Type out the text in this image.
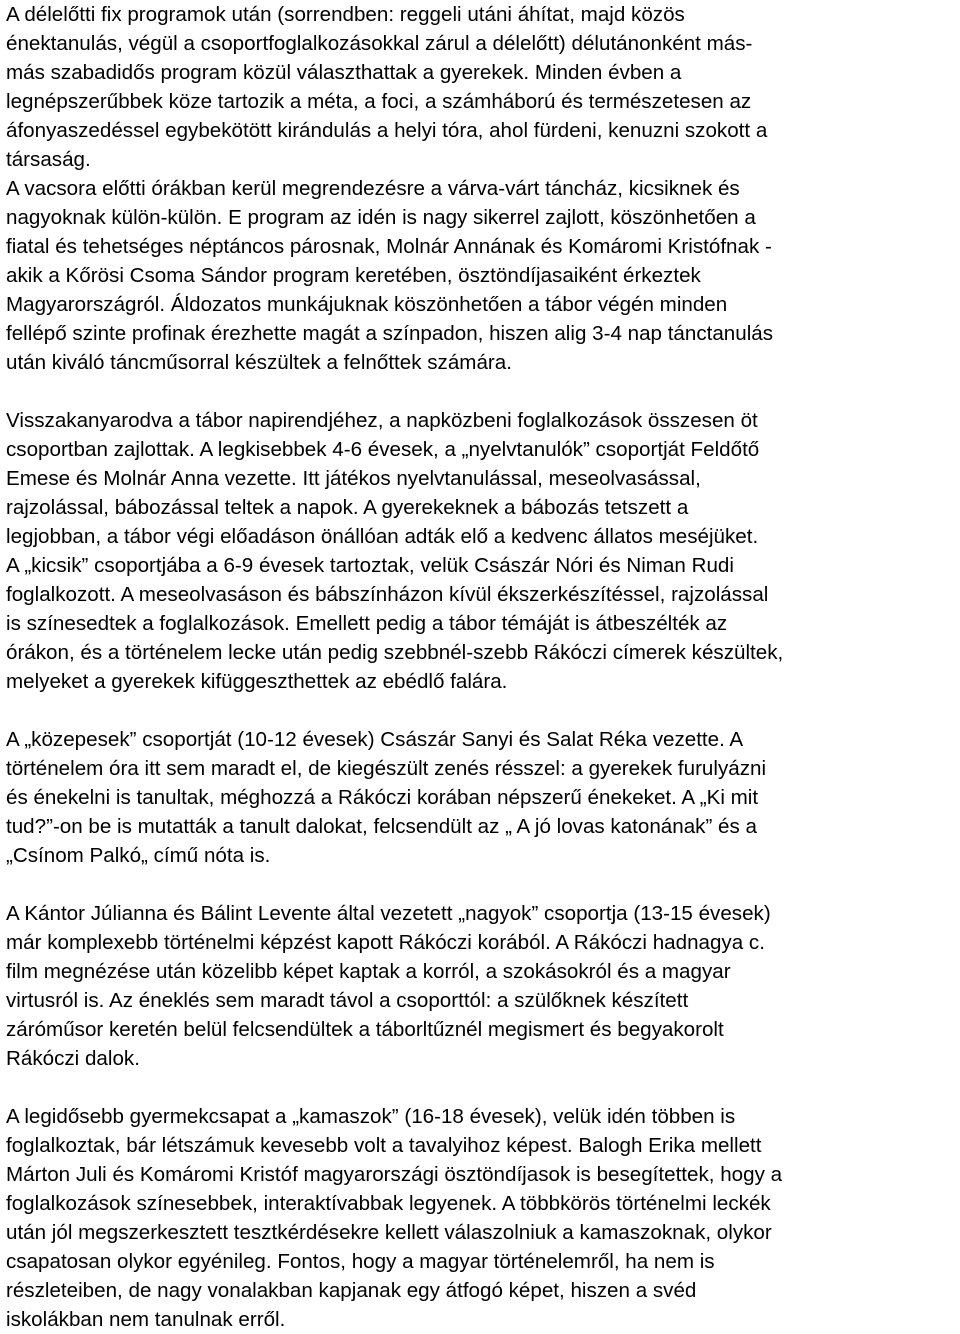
A délelőtti fix programok után (sorrendben: reggeli utáni áhítat, majd közös
énektanulás, végül a csoportfoglalkozásokkal zárul a délelőtt) délutánonként más-
más szabadidős program közül választhattak a gyerekek. Minden évben a
legnépszerűbbek köze tartozik a méta, a foci, a számháború és természetesen az
áfonyaszedéssel egybekötött kirándulás a helyi tóra, ahol fürdeni, kenuzni szokott a
társaság.
A vacsora előtti órákban kerül megrendezésre a várva-várt táncház, kicsiknek és
nagyoknak külön-külön. E program az idén is nagy sikerrel zajlott, köszönhetően a
fiatal és tehetséges néptáncos párosnak, Molnár Annának és Komáromi Kristófnak -
akik a Kőrösi Csoma Sándor program keretében, ösztöndíjasaiként érkeztek
Magyarországról. Áldozatos munkájuknak köszönhetően a tábor végén minden
fellépő szinte profinak érezhette magát a színpadon, hiszen alig 3-4 nap tánctanulás
után kiváló táncműsorral készültek a felnőttek számára.

Visszakanyarodva a tábor napirendjéhez, a napközbeni foglalkozások összesen öt
csoportban zajlottak. A legkisebbek 4-6 évesek, a „nyelvtanulók” csoportját Feldőtő
Emese és Molnár Anna vezette. Itt játékos nyelvtanulással, meseolvasással,
rajzolással, bábozással teltek a napok. A gyerekeknek a bábozás tetszett a
legjobban, a tábor végi előadáson önállóan adták elő a kedvenc állatos meséjüket.
A „kicsik” csoportjába a 6-9 évesek tartoztak, velük Császár Nóri és Niman Rudi
foglalkozott. A meseolvasáson és bábszínházon kívül ékszerkészítéssel, rajzolással
is színesedtek a foglalkozások. Emellett pedig a tábor témáját is átbeszélték az
órákon, és a történelem lecke után pedig szebbnél-szebb Rákóczi címerek készültek,
melyeket a gyerekek kifüggeszthettek az ebédlő falára.

A „közepesek” csoportját (10-12 évesek) Császár Sanyi és Salat Réka vezette. A
történelem óra itt sem maradt el, de kiegészült zenés résszel: a gyerekek furulyázni
és énekelni is tanultak, méghozzá a Rákóczi korában népszerű énekeket. A „Ki mit
tud?”-on be is mutatták a tanult dalokat, felcsendült az „ A jó lovas katonának” és a
„Csínom Palkó„ című nóta is.

A Kántor Júlianna és Bálint Levente által vezetett „nagyok” csoportja (13-15 évesek)
már komplexebb történelmi képzést kapott Rákóczi korából. A Rákóczi hadnagya c.
film megnézése után közelibb képet kaptak a korról, a szokásokról és a magyar
virtusról is. Az éneklés sem maradt távol a csoporttól: a szülőknek készített
záróműsor keretén belül felcsendültek a táborltűznél megismert és begyakorolt
Rákóczi dalok.

A legidősebb gyermekcsapat a „kamaszok” (16-18 évesek), velük idén többen is
foglalkoztak, bár létszámuk kevesebb volt a tavalyihoz képest. Balogh Erika mellett
Márton Juli és Komáromi Kristóf magyarországi ösztöndíjasok is besegítettek, hogy a
foglalkozások színesebbek, interaktívabbak legyenek. A többkörös történelmi leckék
után jól megszerkesztett tesztkérdésekre kellett válaszolniuk a kamaszoknak, olykor
csapatosan olykor egyénileg. Fontos, hogy a magyar történelemről, ha nem is
részleteiben, de nagy vonalakban kapjanak egy átfogó képet, hiszen a svéd
iskolákban nem tanulnak erről.
